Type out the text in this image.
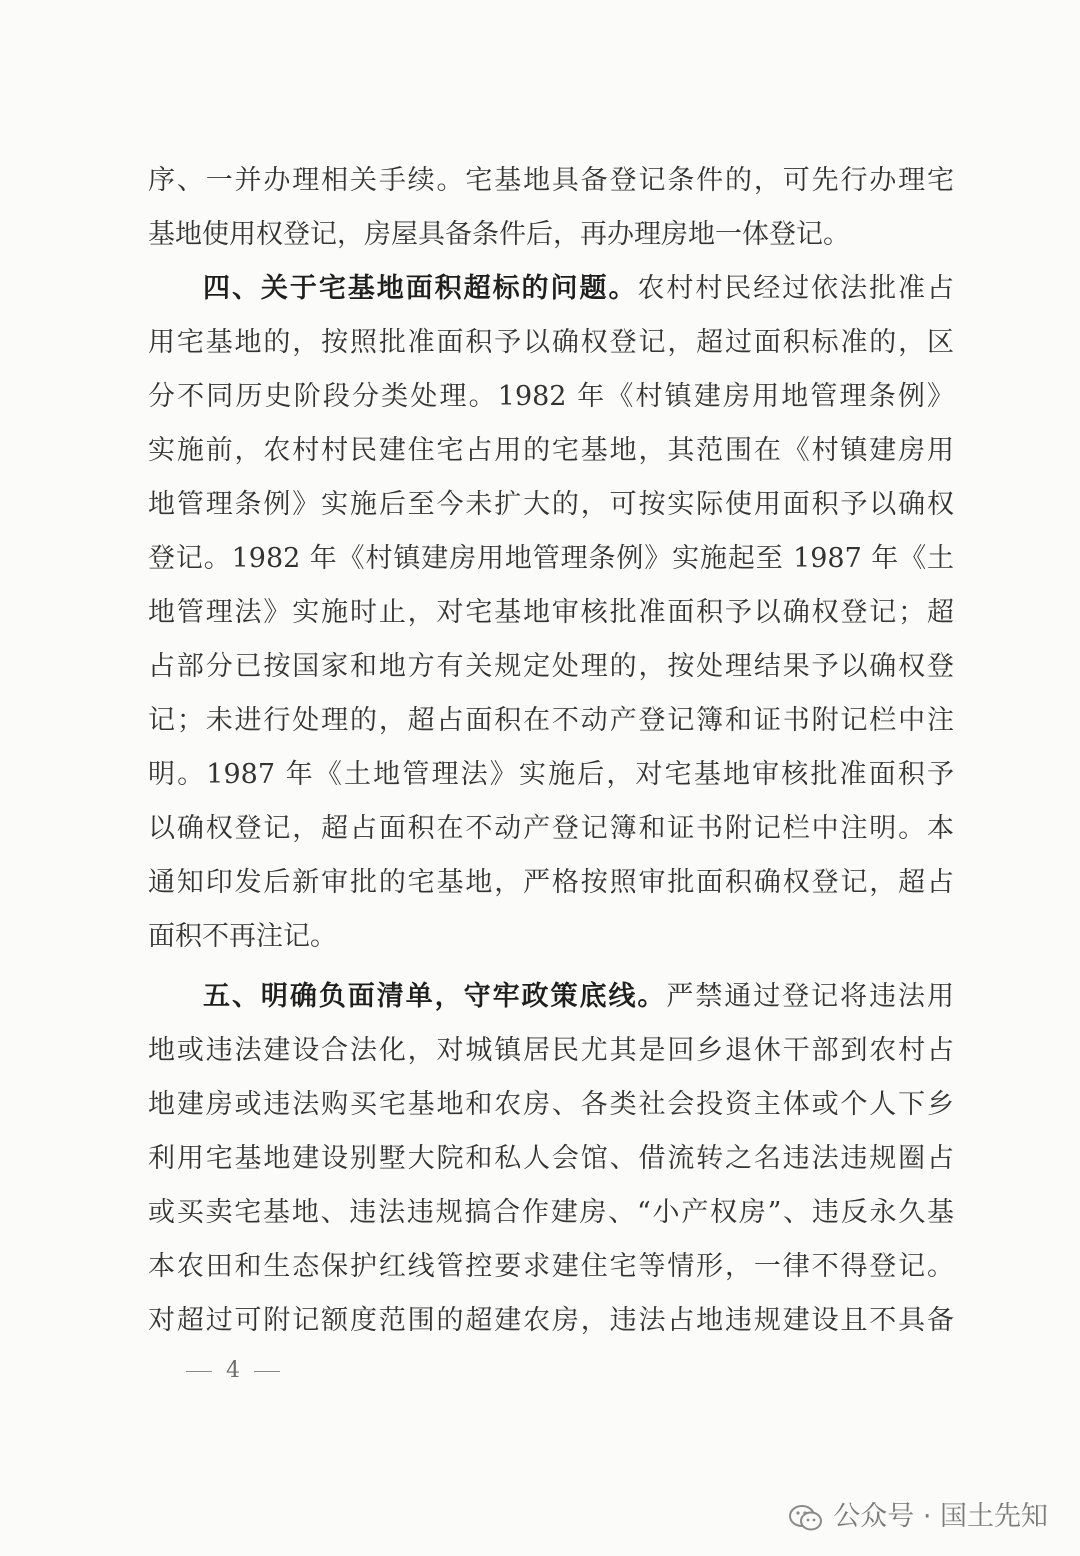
序、一并办理相关手续。宅基地具备登记条件的，可先行办理宅
基地使用权登记，房屋具备条件后，再办理房地一体登记。
四、关于宅基地面积超标的问题。农村村民经过依法批准占
用宅基地的，按照批准面积予以确权登记，超过面积标准的，区
分不同历史阶段分类处理。1982 年《村镇建房用地管理条例》
实施前，农村村民建住宅占用的宅基地，其范围在《村镇建房用
地管理条例》实施后至今未扩大的，可按实际使用面积予以确权
登记。1982 年《村镇建房用地管理条例》实施起至 1987 年《土
地管理法》实施时止，对宅基地审核批准面积予以确权登记；超
占部分已按国家和地方有关规定处理的，按处理结果予以确权登
记；未进行处理的，超占面积在不动产登记簿和证书附记栏中注
明。1987 年《土地管理法》实施后，对宅基地审核批准面积予
以确权登记，超占面积在不动产登记簿和证书附记栏中注明。本
通知印发后新审批的宅基地，严格按照审批面积确权登记，超占
面积不再注记。
五、明确负面清单，守牢政策底线。严禁通过登记将违法用
地或违法建设合法化，对城镇居民尤其是回乡退休干部到农村占
地建房或违法购买宅基地和农房、各类社会投资主体或个人下乡
利用宅基地建设别墅大院和私人会馆、借流转之名违法违规圈占
或买卖宅基地、违法违规搞合作建房、“小产权房”、违反永久基
本农田和生态保护红线管控要求建住宅等情形，一律不得登记。
对超过可附记额度范围的超建农房，违法占地违规建设且不具备
4
公众号 · 国土先知
